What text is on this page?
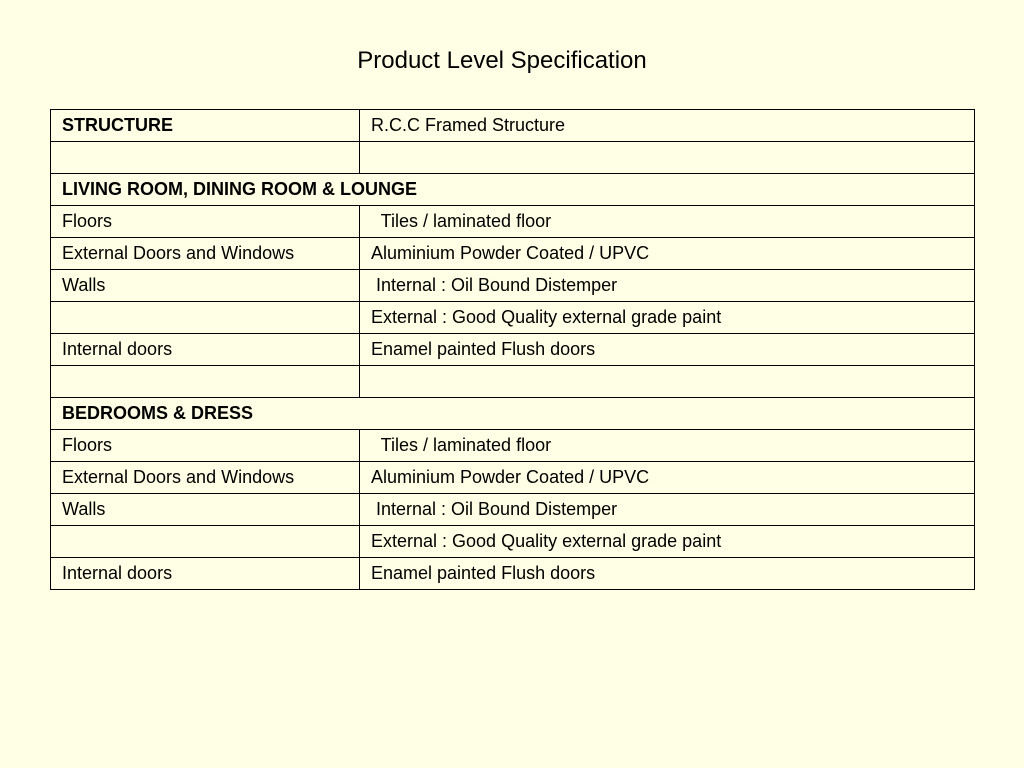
Product Level Specification
STRUCTURE	R.C.C Framed Structure

LIVING ROOM, DINING ROOM & LOUNGE	
Floors	Tiles / laminated floor
External Doors and Windows	Aluminium Powder Coated / UPVC
Walls	Internal : Oil Bound Distemper
	External : Good Quality external grade paint
Internal doors	Enamel painted Flush doors

BEDROOMS & DRESS	
Floors	Tiles / laminated floor
External Doors and Windows	Aluminium Powder Coated / UPVC
Walls	Internal : Oil Bound Distemper
	External : Good Quality external grade paint
Internal doors	Enamel painted Flush doors
